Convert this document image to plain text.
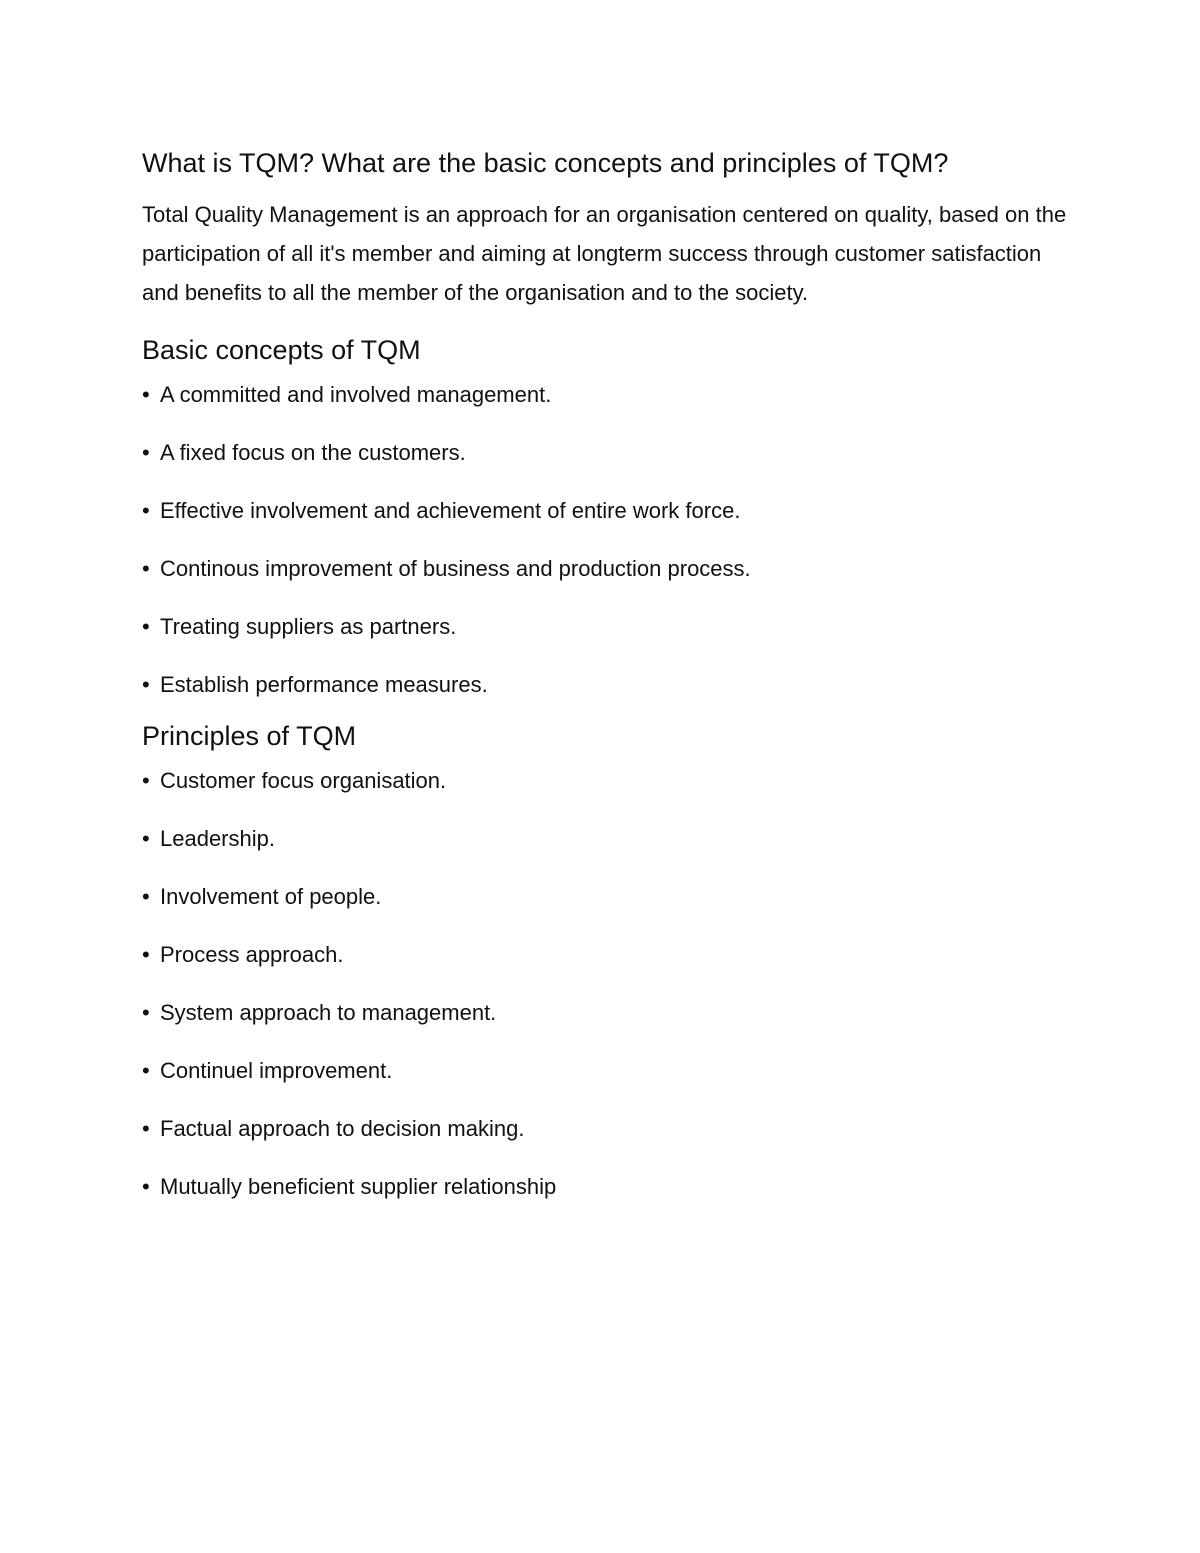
What is TQM? What are the basic concepts and principles of TQM?

Total Quality Management is an approach for an organisation centered on quality, based on the participation of all it's member and aiming at longterm success through customer satisfaction and benefits to all the member of the organisation and to the society.

Basic concepts of TQM
• A committed and involved management.
• A fixed focus on the customers.
• Effective involvement and achievement of entire work force.
• Continous improvement of business and production process.
• Treating suppliers as partners.
• Establish performance measures.
Principles of TQM
• Customer focus organisation.
• Leadership.
• Involvement of people.
• Process approach.
• System approach to management.
• Continuel improvement.
• Factual approach to decision making.
• Mutually beneficient supplier relationship
